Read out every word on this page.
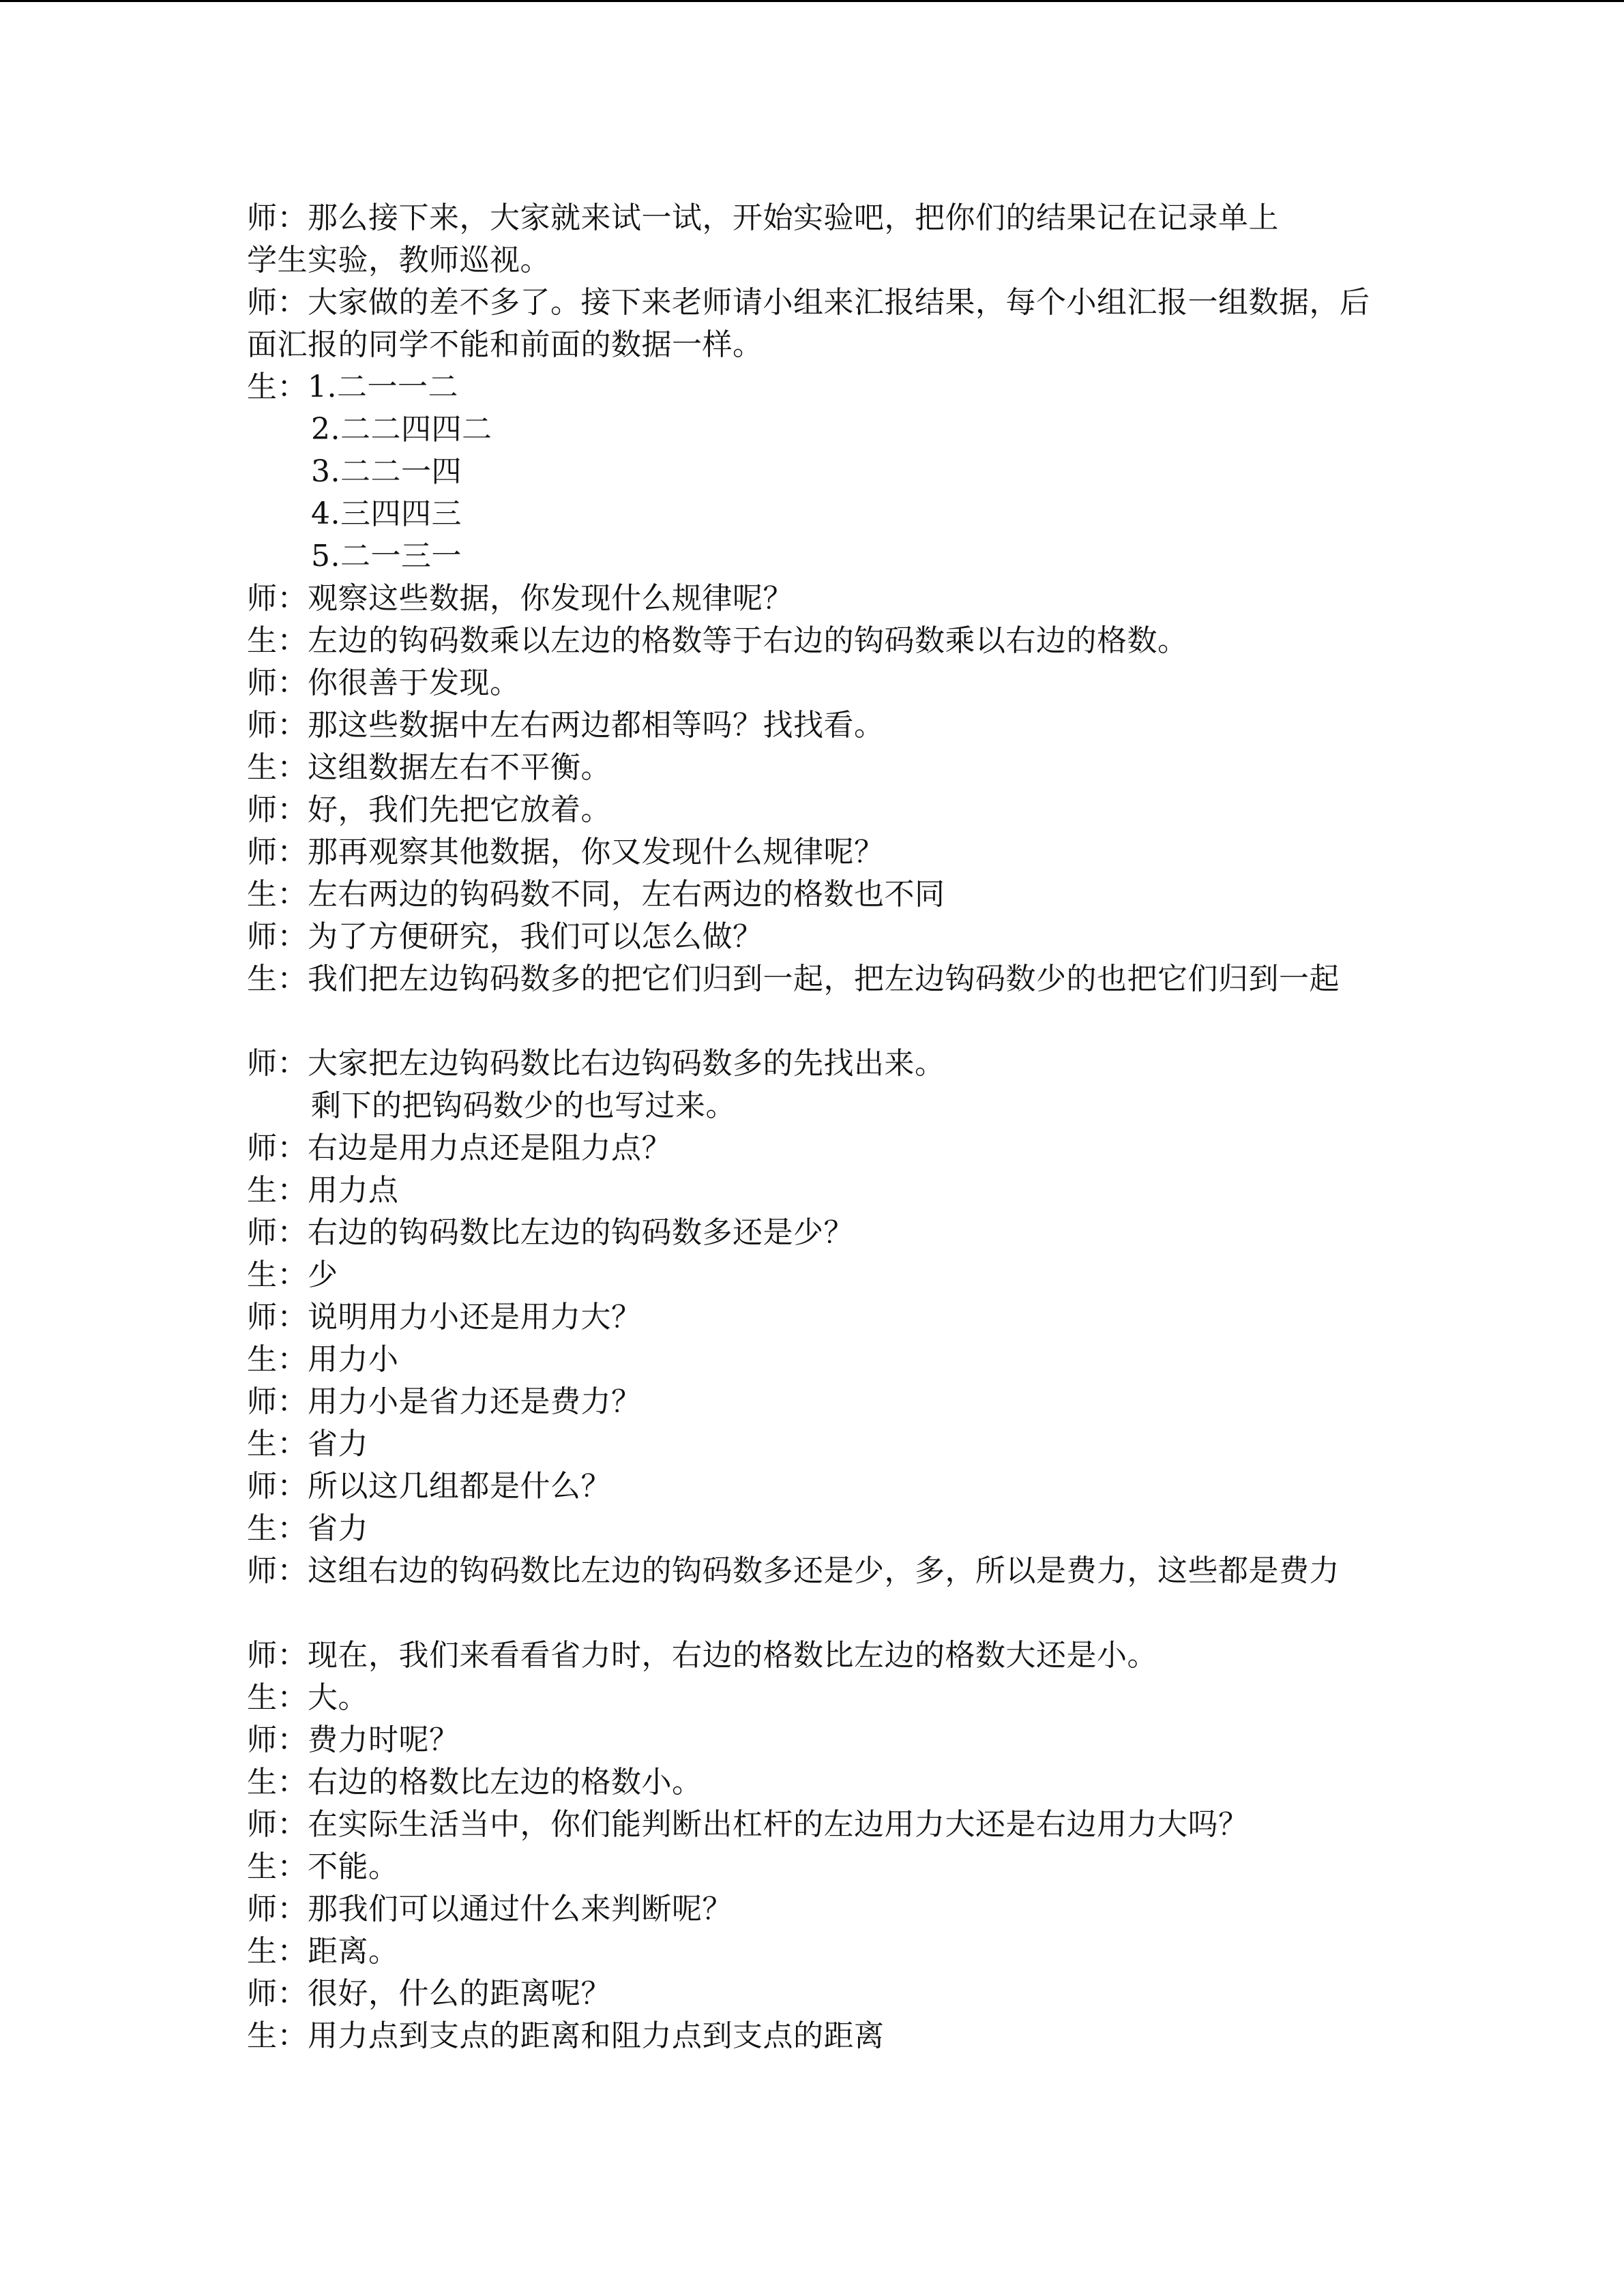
师：那么接下来，大家就来试一试，开始实验吧，把你们的结果记在记录单上
学生实验，教师巡视。
师：大家做的差不多了。接下来老师请小组来汇报结果，每个小组汇报一组数据，后面汇报的同学不能和前面的数据一样。
生：1.二一一二
2.二二四四二
3.二二一四
4.三四四三
5.二一三一
师：观察这些数据，你发现什么规律呢？
生：左边的钩码数乘以左边的格数等于右边的钩码数乘以右边的格数。
师：你很善于发现。
师：那这些数据中左右两边都相等吗？找找看。
生：这组数据左右不平衡。
师：好，我们先把它放着。
师：那再观察其他数据，你又发现什么规律呢？
生：左右两边的钩码数不同，左右两边的格数也不同
师：为了方便研究，我们可以怎么做？
生：我们把左边钩码数多的把它们归到一起，把左边钩码数少的也把它们归到一起
师：大家把左边钩码数比右边钩码数多的先找出来。
剩下的把钩码数少的也写过来。
师：右边是用力点还是阻力点？
生：用力点
师：右边的钩码数比左边的钩码数多还是少？
生：少
师：说明用力小还是用力大？
生：用力小
师：用力小是省力还是费力？
生：省力
师：所以这几组都是什么？
生：省力
师：这组右边的钩码数比左边的钩码数多还是少，多，所以是费力，这些都是费力
师：现在，我们来看看省力时，右边的格数比左边的格数大还是小。
生：大。
师：费力时呢？
生：右边的格数比左边的格数小。
师：在实际生活当中，你们能判断出杠杆的左边用力大还是右边用力大吗？
生：不能。
师：那我们可以通过什么来判断呢？
生：距离。
师：很好，什么的距离呢？
生：用力点到支点的距离和阻力点到支点的距离
